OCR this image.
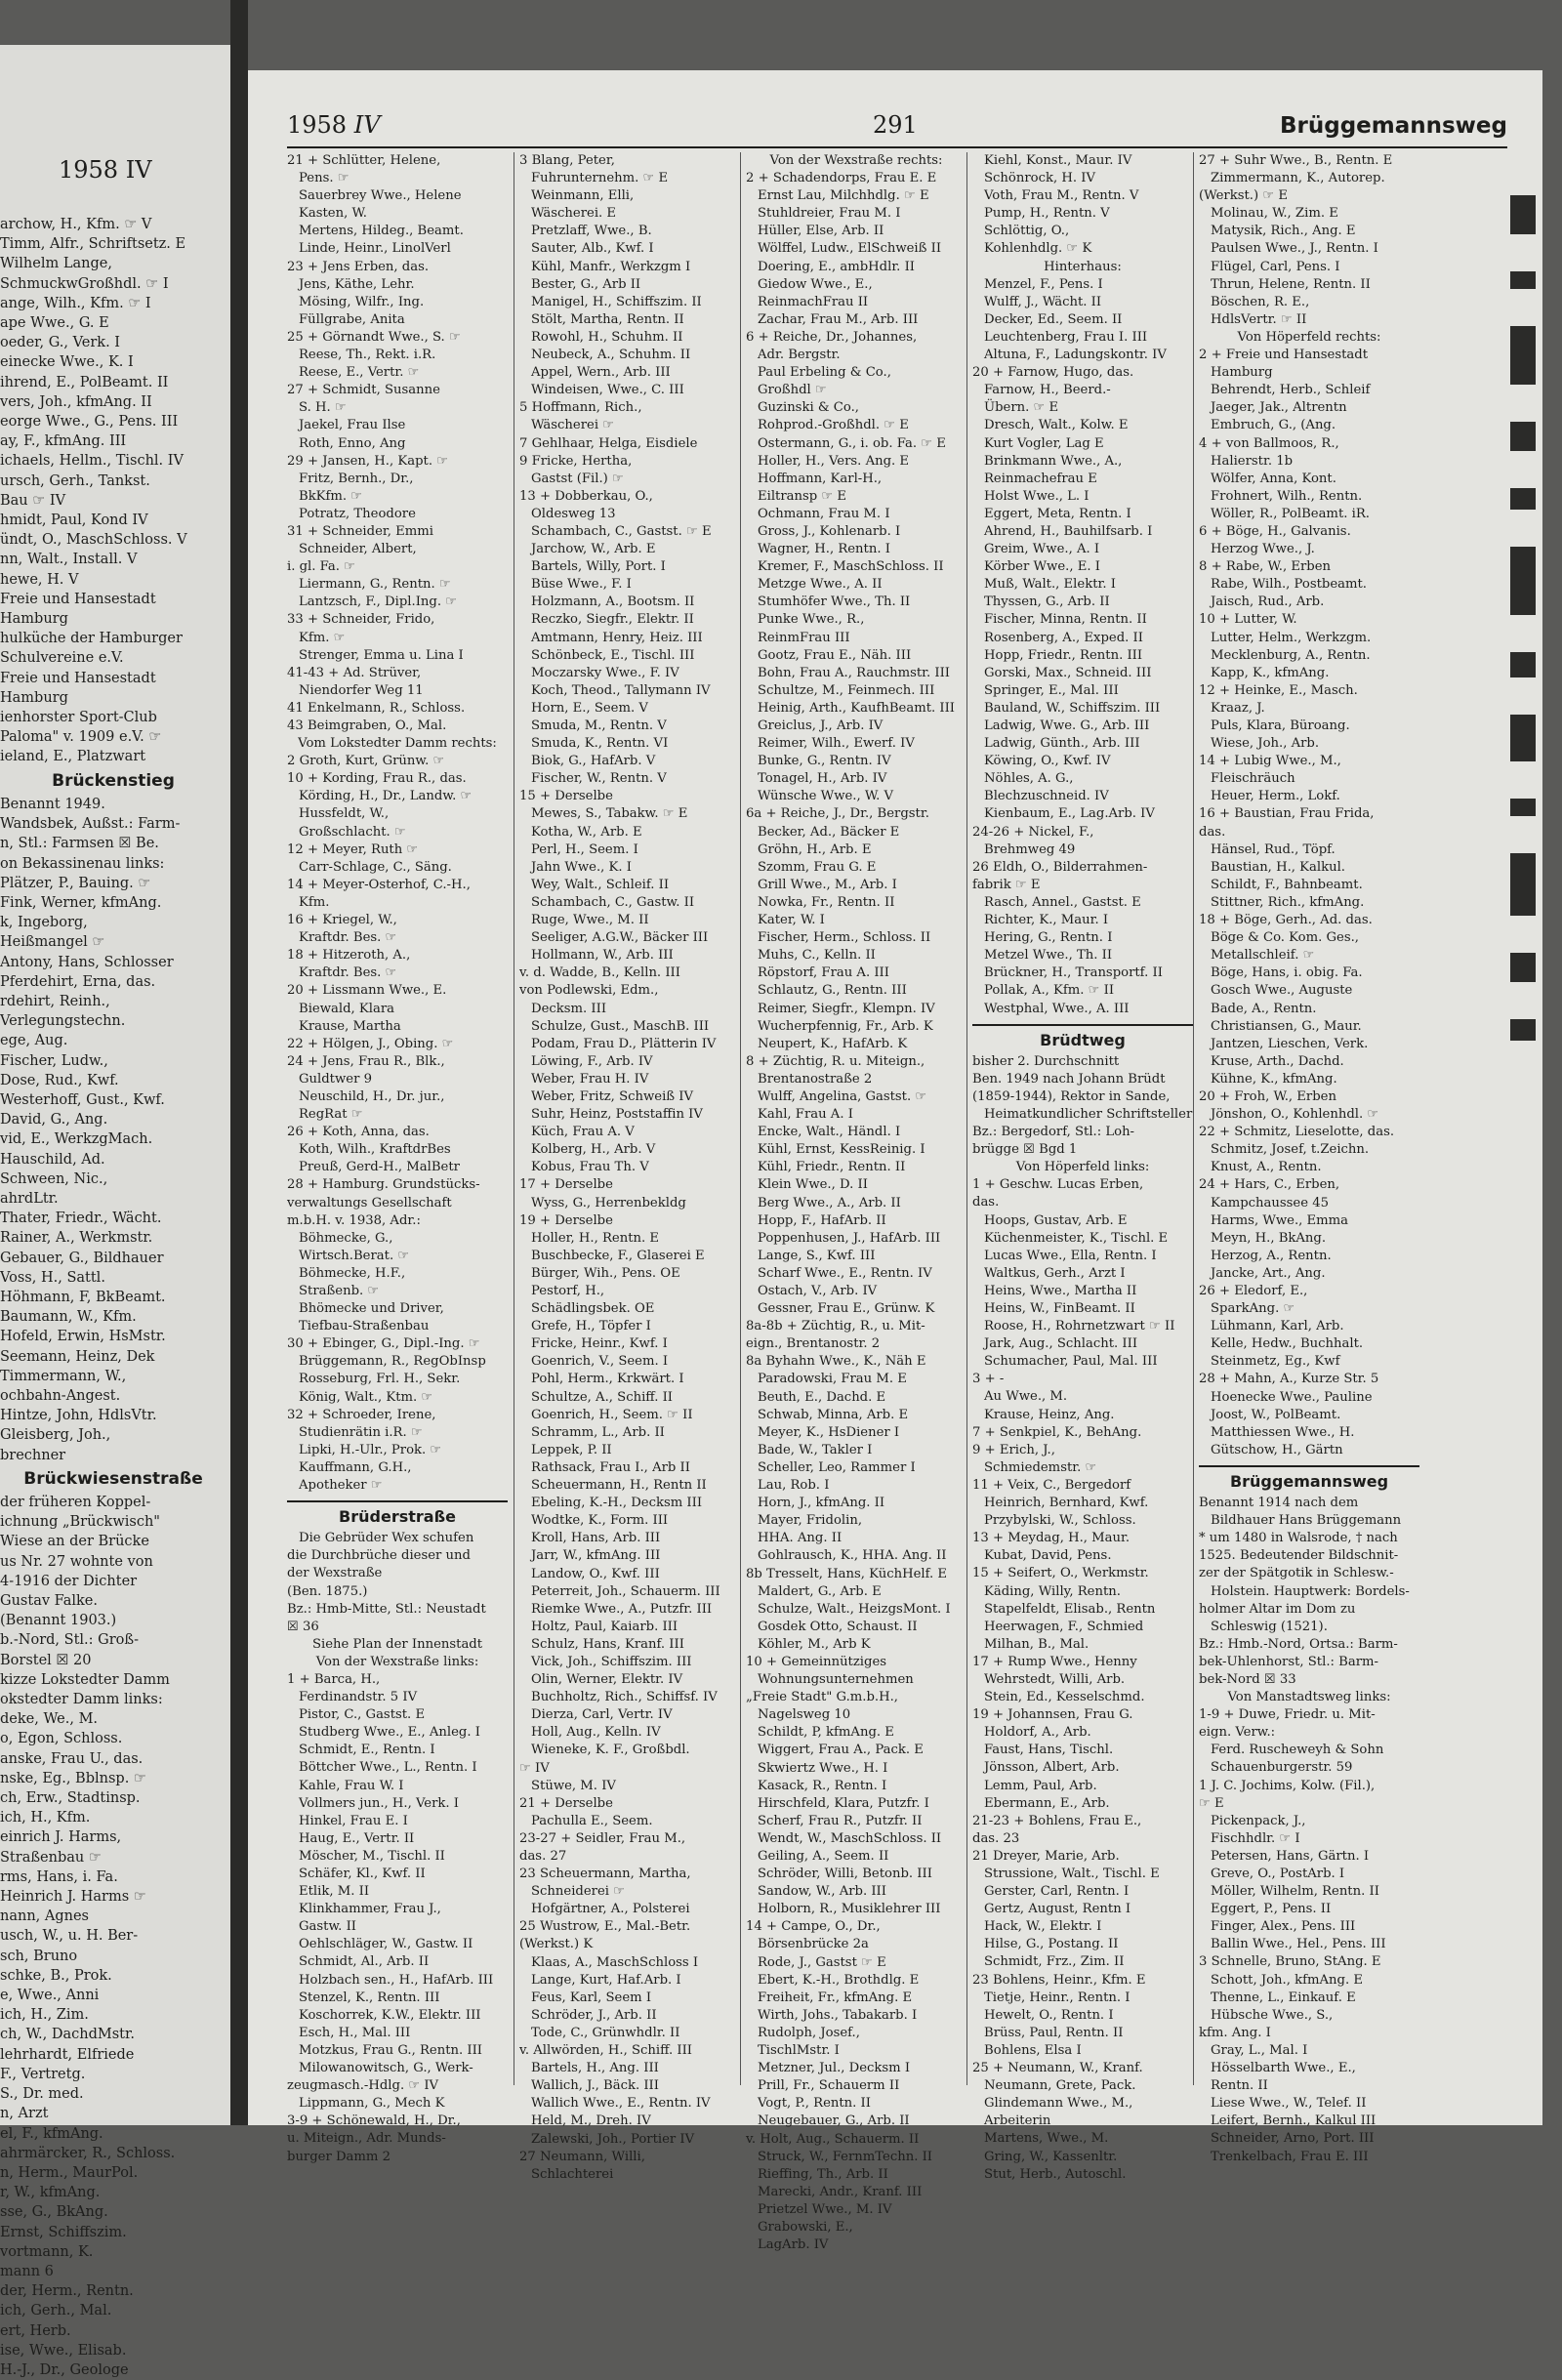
1958 IV
archow, H., Kfm. ☞ V
Timm, Alfr., Schriftsetz. E
Wilhelm Lange,
SchmuckwGroßhdl. ☞ I
ange, Wilh., Kfm. ☞ I
ape Wwe., G. E
oeder, G., Verk. I
einecke Wwe., K. I
ihrend, E., PolBeamt. II
vers, Joh., kfmAng. II
eorge Wwe., G., Pens. III
ay, F., kfmAng. III
ichaels, Hellm., Tischl. IV
ursch, Gerh., Tankst.
Bau ☞ IV
hmidt, Paul, Kond IV
ündt, O., MaschSchloss. V
nn, Walt., Install. V
hewe, H. V
Freie und Hansestadt
Hamburg
hulküche der Hamburger
Schulvereine e.V.
Freie und Hansestadt
Hamburg
ienhorster Sport-Club
Paloma" v. 1909 e.V. ☞
ieland, E., Platzwart
Brückenstieg
Benannt 1949.
Wandsbek, Außst.: Farm-
n, Stl.: Farmsen ☒ Be.
on Bekassinenau links:
Plätzer, P., Bauing. ☞
Fink, Werner, kfmAng.
k, Ingeborg,
Heißmangel ☞
Antony, Hans, Schlosser
Pferdehirt, Erna, das.
rdehirt, Reinh.,
Verlegungstechn.
ege, Aug.
Fischer, Ludw.,
Dose, Rud., Kwf.
Westerhoff, Gust., Kwf.
David, G., Ang.
vid, E., WerkzgMach.
Hauschild, Ad.
Schween, Nic.,
ahrdLtr.
Thater, Friedr., Wächt.
Rainer, A., Werkmstr.
Gebauer, G., Bildhauer
Voss, H., Sattl.
Höhmann, F, BkBeamt.
Baumann, W., Kfm.
Hofeld, Erwin, HsMstr.
Seemann, Heinz, Dek
Timmermann, W.,
ochbahn-Angest.
Hintze, John, HdlsVtr.
Gleisberg, Joh.,
brechner
Brückwiesenstraße
der früheren Koppel-
ichnung „Brückwisch"
Wiese an der Brücke
us Nr. 27 wohnte von
4-1916 der Dichter
Gustav Falke.
(Benannt 1903.)
b.-Nord, Stl.: Groß-
Borstel ☒ 20
kizze Lokstedter Damm
okstedter Damm links:
deke, We., M.
o, Egon, Schloss.
anske, Frau U., das.
nske, Eg., Bblnsp. ☞
ch, Erw., Stadtinsp.
ich, H., Kfm.
einrich J. Harms,
Straßenbau ☞
rms, Hans, i. Fa.
Heinrich J. Harms ☞
nann, Agnes
usch, W., u. H. Ber-
sch, Bruno
schke, B., Prok.
e, Wwe., Anni
ich, H., Zim.
ch, W., DachdMstr.
lehrhardt, Elfriede
F., Vertretg.
S., Dr. med.
n, Arzt
el, F., kfmAng.
ahrmärcker, R., Schloss.
n, Herm., MaurPol.
r, W., kfmAng.
sse, G., BkAng.
Ernst, Schiffszim.
vortmann, K.
mann 6
der, Herm., Rentn.
ich, Gerh., Mal.
ert, Herb.
ise, Wwe., Elisab.
H.-J., Dr., Geologe
1958 IV	291	Brüggemannsweg
21 + Schlütter, Helene,
Pens. ☞
Sauerbrey Wwe., Helene
Kasten, W.
Mertens, Hildeg., Beamt.
Linde, Heinr., LinolVerl
23 + Jens Erben, das.
Jens, Käthe, Lehr.
Mösing, Wilfr., Ing.
Füllgrabe, Anita
25 + Görnandt Wwe., S. ☞
Reese, Th., Rekt. i.R.
Reese, E., Vertr. ☞
27 + Schmidt, Susanne
S. H. ☞
Jaekel, Frau Ilse
Roth, Enno, Ang
29 + Jansen, H., Kapt. ☞
Fritz, Bernh., Dr.,
BkKfm. ☞
Potratz, Theodore
31 + Schneider, Emmi
Schneider, Albert,
i. gl. Fa. ☞
Liermann, G., Rentn. ☞
Lantzsch, F., Dipl.Ing. ☞
33 + Schneider, Frido,
Kfm. ☞
Strenger, Emma u. Lina I
41-43 + Ad. Strüver,
Niendorfer Weg 11
41 Enkelmann, R., Schloss.
43 Beimgraben, O., Mal.
Vom Lokstedter Damm rechts:
2 Groth, Kurt, Grünw. ☞
10 + Kording, Frau R., das.
Körding, H., Dr., Landw. ☞
Hussfeldt, W.,
Großschlacht. ☞
12 + Meyer, Ruth ☞
Carr-Schlage, C., Säng.
14 + Meyer-Osterhof, C.-H.,
Kfm.
16 + Kriegel, W.,
Kraftdr. Bes. ☞
18 + Hitzeroth, A.,
Kraftdr. Bes. ☞
20 + Lissmann Wwe., E.
Biewald, Klara
Krause, Martha
22 + Hölgen, J., Obing. ☞
24 + Jens, Frau R., Blk.,
Guldtwer 9
Neuschild, H., Dr. jur.,
RegRat ☞
26 + Koth, Anna, das.
Koth, Wilh., KraftdrBes
Preuß, Gerd-H., MalBetr
28 + Hamburg. Grundstücks-
verwaltungs Gesellschaft
m.b.H. v. 1938, Adr.:
Böhmecke, G.,
Wirtsch.Berat. ☞
Böhmecke, H.F.,
Straßenb. ☞
Bhömecke und Driver,
Tiefbau-Straßenbau
30 + Ebinger, G., Dipl.-Ing. ☞
Brüggemann, R., RegObInsp
Rosseburg, Frl. H., Sekr.
König, Walt., Ktm. ☞
32 + Schroeder, Irene,
Studienrätin i.R. ☞
Lipki, H.-Ulr., Prok. ☞
Kauffmann, G.H.,
Apotheker ☞
Brüderstraße
Die Gebrüder Wex schufen
die Durchbrüche dieser und
der Wexstraße
(Ben. 1875.)
Bz.: Hmb-Mitte, Stl.: Neustadt
☒ 36
Siehe Plan der Innenstadt
Von der Wexstraße links:
1 + Barca, H.,
Ferdinandstr. 5 IV
Pistor, C., Gastst. E
Studberg Wwe., E., Anleg. I
Schmidt, E., Rentn. I
Böttcher Wwe., L., Rentn. I
Kahle, Frau W. I
Vollmers jun., H., Verk. I
Hinkel, Frau E. I
Haug, E., Vertr. II
Möscher, M., Tischl. II
Schäfer, Kl., Kwf. II
Etlik, M. II
Klinkhammer, Frau J.,
Gastw. II
Oehlschläger, W., Gastw. II
Schmidt, Al., Arb. II
Holzbach sen., H., HafArb. III
Stenzel, K., Rentn. III
Koschorrek, K.W., Elektr. III
Esch, H., Mal. III
Motzkus, Frau G., Rentn. III
Milowanowitsch, G., Werk-
zeugmasch.-Hdlg. ☞ IV
Lippmann, G., Mech K
3-9 + Schönewald, H., Dr.,
u. Miteign., Adr. Munds-
burger Damm 2
3 Blang, Peter,
Fuhrunternehm. ☞ E
Weinmann, Elli,
Wäscherei. E
Pretzlaff, Wwe., B.
Sauter, Alb., Kwf. I
Kühl, Manfr., Werkzgm I
Bester, G., Arb II
Manigel, H., Schiffszim. II
Stölt, Martha, Rentn. II
Rowohl, H., Schuhm. II
Neubeck, A., Schuhm. II
Appel, Wern., Arb. III
Windeisen, Wwe., C. III
5 Hoffmann, Rich.,
Wäscherei ☞
7 Gehlhaar, Helga, Eisdiele
9 Fricke, Hertha,
Gastst (Fil.) ☞
13 + Dobberkau, O.,
Oldesweg 13
Schambach, C., Gastst. ☞ E
Jarchow, W., Arb. E
Bartels, Willy, Port. I
Büse Wwe., F. I
Holzmann, A., Bootsm. II
Reczko, Siegfr., Elektr. II
Amtmann, Henry, Heiz. III
Schönbeck, E., Tischl. III
Moczarsky Wwe., F. IV
Koch, Theod., Tallymann IV
Horn, E., Seem. V
Smuda, M., Rentn. V
Smuda, K., Rentn. VI
Biok, G., HafArb. V
Fischer, W., Rentn. V
15 + Derselbe
Mewes, S., Tabakw. ☞ E
Kotha, W., Arb. E
Perl, H., Seem. I
Jahn Wwe., K. I
Wey, Walt., Schleif. II
Schambach, C., Gastw. II
Ruge, Wwe., M. II
Seeliger, A.G.W., Bäcker III
Hollmann, W., Arb. III
v. d. Wadde, B., Kelln. III
von Podlewski, Edm.,
Decksm. III
Schulze, Gust., MaschB. III
Podam, Frau D., Plätterin IV
Löwing, F., Arb. IV
Weber, Frau H. IV
Weber, Fritz, Schweiß IV
Suhr, Heinz, Poststaffin IV
Küch, Frau A. V
Kolberg, H., Arb. V
Kobus, Frau Th. V
17 + Derselbe
Wyss, G., Herrenbekldg
19 + Derselbe
Holler, H., Rentn. E
Buschbecke, F., Glaserei E
Bürger, Wih., Pens. OE
Pestorf, H.,
Schädlingsbek. OE
Grefe, H., Töpfer I
Fricke, Heinr., Kwf. I
Goenrich, V., Seem. I
Pohl, Herm., Krkwärt. I
Schultze, A., Schiff. II
Goenrich, H., Seem. ☞ II
Schramm, L., Arb. II
Leppek, P. II
Rathsack, Frau I., Arb II
Scheuermann, H., Rentn II
Ebeling, K.-H., Decksm III
Wodtke, K., Form. III
Kroll, Hans, Arb. III
Jarr, W., kfmAng. III
Landow, O., Kwf. III
Peterreit, Joh., Schauerm. III
Riemke Wwe., A., Putzfr. III
Holtz, Paul, Kaiarb. III
Schulz, Hans, Kranf. III
Vick, Joh., Schiffszim. III
Olin, Werner, Elektr. IV
Buchholtz, Rich., Schiffsf. IV
Dierza, Carl, Vertr. IV
Holl, Aug., Kelln. IV
Wieneke, K. F., Großbdl.
☞ IV
Stüwe, M. IV
21 + Derselbe
Pachulla E., Seem.
23-27 + Seidler, Frau M.,
das. 27
23 Scheuermann, Martha,
Schneiderei ☞
Hofgärtner, A., Polsterei
25 Wustrow, E., Mal.-Betr.
(Werkst.) K
Klaas, A., MaschSchloss I
Lange, Kurt, Haf.Arb. I
Feus, Karl, Seem I
Schröder, J., Arb. II
Tode, C., Grünwhdlr. II
v. Allwörden, H., Schiff. III
Bartels, H., Ang. III
Wallich, J., Bäck. III
Wallich Wwe., E., Rentn. IV
Held, M., Dreh. IV
Zalewski, Joh., Portier IV
27 Neumann, Willi,
Schlachterei
Von der Wexstraße rechts:
2 + Schadendorps, Frau E. E
Ernst Lau, Milchhdlg. ☞ E
Stuhldreier, Frau M. I
Hüller, Else, Arb. II
Wölffel, Ludw., ElSchweiß II
Doering, E., ambHdlr. II
Giedow Wwe., E.,
ReinmachFrau II
Zachar, Frau M., Arb. III
6 + Reiche, Dr., Johannes,
Adr. Bergstr.
Paul Erbeling & Co.,
Großhdl ☞
Guzinski & Co.,
Rohprod.-Großhdl. ☞ E
Ostermann, G., i. ob. Fa. ☞ E
Holler, H., Vers. Ang. E
Hoffmann, Karl-H.,
Eiltransp ☞ E
Ochmann, Frau M. I
Gross, J., Kohlenarb. I
Wagner, H., Rentn. I
Kremer, F., MaschSchloss. II
Metzge Wwe., A. II
Stumhöfer Wwe., Th. II
Punke Wwe., R.,
ReinmFrau III
Gootz, Frau E., Näh. III
Bohn, Frau A., Rauchmstr. III
Schultze, M., Feinmech. III
Heinig, Arth., KaufhBeamt. III
Greiclus, J., Arb. IV
Reimer, Wilh., Ewerf. IV
Bunke, G., Rentn. IV
Tonagel, H., Arb. IV
Wünsche Wwe., W. V
6a + Reiche, J., Dr., Bergstr.
Becker, Ad., Bäcker E
Gröhn, H., Arb. E
Szomm, Frau G. E
Grill Wwe., M., Arb. I
Nowka, Fr., Rentn. II
Kater, W. I
Fischer, Herm., Schloss. II
Muhs, C., Kelln. II
Röpstorf, Frau A. III
Schlautz, G., Rentn. III
Reimer, Siegfr., Klempn. IV
Wucherpfennig, Fr., Arb. K
Neupert, K., HafArb. K
8 + Züchtig, R. u. Miteign.,
Brentanostraße 2
Wulff, Angelina, Gastst. ☞
Kahl, Frau A. I
Encke, Walt., Händl. I
Kühl, Ernst, KessReinig. I
Kühl, Friedr., Rentn. II
Klein Wwe., D. II
Berg Wwe., A., Arb. II
Hopp, F., HafArb. II
Poppenhusen, J., HafArb. III
Lange, S., Kwf. III
Scharf Wwe., E., Rentn. IV
Ostach, V., Arb. IV
Gessner, Frau E., Grünw. K
8a-8b + Züchtig, R., u. Mit-
eign., Brentanostr. 2
8a Byhahn Wwe., K., Näh E
Paradowski, Frau M. E
Beuth, E., Dachd. E
Schwab, Minna, Arb. E
Meyer, K., HsDiener I
Bade, W., Takler I
Scheller, Leo, Rammer I
Lau, Rob. I
Horn, J., kfmAng. II
Mayer, Fridolin,
HHA. Ang. II
Gohlrausch, K., HHA. Ang. II
8b Tresselt, Hans, KüchHelf. E
Maldert, G., Arb. E
Schulze, Walt., HeizgsMont. I
Gosdek Otto, Schaust. II
Köhler, M., Arb K
10 + Gemeinnütziges
Wohnungsunternehmen
„Freie Stadt" G.m.b.H.,
Nagelsweg 10
Schildt, P, kfmAng. E
Wiggert, Frau A., Pack. E
Skwiertz Wwe., H. I
Kasack, R., Rentn. I
Hirschfeld, Klara, Putzfr. I
Scherf, Frau R., Putzfr. II
Wendt, W., MaschSchloss. II
Geiling, A., Seem. II
Schröder, Willi, Betonb. III
Sandow, W., Arb. III
Holborn, R., Musiklehrer III
14 + Campe, O., Dr.,
Börsenbrücke 2a
Rode, J., Gastst ☞ E
Ebert, K.-H., Brothdlg. E
Freiheit, Fr., kfmAng. E
Wirth, Johs., Tabakarb. I
Rudolph, Josef.,
TischlMstr. I
Metzner, Jul., Decksm I
Prill, Fr., Schauerm II
Vogt, P., Rentn. II
Neugebauer, G., Arb. II
v. Holt, Aug., Schauerm. II
Struck, W., FernmTechn. II
Rieffing, Th., Arb. II
Marecki, Andr., Kranf. III
Prietzel Wwe., M. IV
Grabowski, E.,
LagArb. IV
Kiehl, Konst., Maur. IV
Schönrock, H. IV
Voth, Frau M., Rentn. V
Pump, H., Rentn. V
Schlöttig, O.,
Kohlenhdlg. ☞ K
Hinterhaus:
Menzel, F., Pens. I
Wulff, J., Wächt. II
Decker, Ed., Seem. II
Leuchtenberg, Frau I. III
Altuna, F., Ladungskontr. IV
20 + Farnow, Hugo, das.
Farnow, H., Beerd.-
Übern. ☞ E
Dresch, Walt., Kolw. E
Kurt Vogler, Lag E
Brinkmann Wwe., A.,
Reinmachefrau E
Holst Wwe., L. I
Eggert, Meta, Rentn. I
Ahrend, H., Bauhilfsarb. I
Greim, Wwe., A. I
Körber Wwe., E. I
Muß, Walt., Elektr. I
Thyssen, G., Arb. II
Fischer, Minna, Rentn. II
Rosenberg, A., Exped. II
Hopp, Friedr., Rentn. III
Gorski, Max., Schneid. III
Springer, E., Mal. III
Bauland, W., Schiffszim. III
Ladwig, Wwe. G., Arb. III
Ladwig, Günth., Arb. III
Köwing, O., Kwf. IV
Nöhles, A. G.,
Blechzuschneid. IV
Kienbaum, E., Lag.Arb. IV
24-26 + Nickel, F.,
Brehmweg 49
26 Eldh, O., Bilderrahmen-
fabrik ☞ E
Rasch, Annel., Gastst. E
Richter, K., Maur. I
Hering, G., Rentn. I
Metzel Wwe., Th. II
Brückner, H., Transportf. II
Pollak, A., Kfm. ☞ II
Westphal, Wwe., A. III
Brüdtweg
bisher 2. Durchschnitt
Ben. 1949 nach Johann Brüdt
(1859-1944), Rektor in Sande,
Heimatkundlicher Schriftsteller
Bz.: Bergedorf, Stl.: Loh-
brügge ☒ Bgd 1
Von Höperfeld links:
1 + Geschw. Lucas Erben,
das.
Hoops, Gustav, Arb. E
Küchenmeister, K., Tischl. E
Lucas Wwe., Ella, Rentn. I
Waltkus, Gerh., Arzt I
Heins, Wwe., Martha II
Heins, W., FinBeamt. II
Roose, H., Rohrnetzwart ☞ II
Jark, Aug., Schlacht. III
Schumacher, Paul, Mal. III
3 + -
Au Wwe., M.
Krause, Heinz, Ang.
7 + Senkpiel, K., BehAng.
9 + Erich, J.,
Schmiedemstr. ☞
11 + Veix, C., Bergedorf
Heinrich, Bernhard, Kwf.
Przybylski, W., Schloss.
13 + Meydag, H., Maur.
Kubat, David, Pens.
15 + Seifert, O., Werkmstr.
Käding, Willy, Rentn.
Stapelfeldt, Elisab., Rentn
Heerwagen, F., Schmied
Milhan, B., Mal.
17 + Rump Wwe., Henny
Wehrstedt, Willi, Arb.
Stein, Ed., Kesselschmd.
19 + Johannsen, Frau G.
Holdorf, A., Arb.
Faust, Hans, Tischl.
Jönsson, Albert, Arb.
Lemm, Paul, Arb.
Ebermann, E., Arb.
21-23 + Bohlens, Frau E.,
das. 23
21 Dreyer, Marie, Arb.
Strussione, Walt., Tischl. E
Gerster, Carl, Rentn. I
Gertz, August, Rentn I
Hack, W., Elektr. I
Hilse, G., Postang. II
Schmidt, Frz., Zim. II
23 Bohlens, Heinr., Kfm. E
Tietje, Heinr., Rentn. I
Hewelt, O., Rentn. I
Brüss, Paul, Rentn. II
Bohlens, Elsa I
25 + Neumann, W., Kranf.
Neumann, Grete, Pack.
Glindemann Wwe., M.,
Arbeiterin
Martens, Wwe., M.
Gring, W., Kassenltr.
Stut, Herb., Autoschl.
27 + Suhr Wwe., B., Rentn. E
Zimmermann, K., Autorep.
(Werkst.) ☞ E
Molinau, W., Zim. E
Matysik, Rich., Ang. E
Paulsen Wwe., J., Rentn. I
Flügel, Carl, Pens. I
Thrun, Helene, Rentn. II
Böschen, R. E.,
HdlsVertr. ☞ II
Von Höperfeld rechts:
2 + Freie und Hansestadt
Hamburg
Behrendt, Herb., Schleif
Jaeger, Jak., Altrentn
Embruch, G., (Ang.
4 + von Ballmoos, R.,
Halierstr. 1b
Wölfer, Anna, Kont.
Frohnert, Wilh., Rentn.
Wöller, R., PolBeamt. iR.
6 + Böge, H., Galvanis.
Herzog Wwe., J.
8 + Rabe, W., Erben
Rabe, Wilh., Postbeamt.
Jaisch, Rud., Arb.
10 + Lutter, W.
Lutter, Helm., Werkzgm.
Mecklenburg, A., Rentn.
Kapp, K., kfmAng.
12 + Heinke, E., Masch.
Kraaz, J.
Puls, Klara, Büroang.
Wiese, Joh., Arb.
14 + Lubig Wwe., M.,
Fleischräuch
Heuer, Herm., Lokf.
16 + Baustian, Frau Frida,
das.
Hänsel, Rud., Töpf.
Baustian, H., Kalkul.
Schildt, F., Bahnbeamt.
Stittner, Rich., kfmAng.
18 + Böge, Gerh., Ad. das.
Böge & Co. Kom. Ges.,
Metallschleif. ☞
Böge, Hans, i. obig. Fa.
Gosch Wwe., Auguste
Bade, A., Rentn.
Christiansen, G., Maur.
Jantzen, Lieschen, Verk.
Kruse, Arth., Dachd.
Kühne, K., kfmAng.
20 + Froh, W., Erben
Jönshon, O., Kohlenhdl. ☞
22 + Schmitz, Lieselotte, das.
Schmitz, Josef, t.Zeichn.
Knust, A., Rentn.
24 + Hars, C., Erben,
Kampchaussee 45
Harms, Wwe., Emma
Meyn, H., BkAng.
Herzog, A., Rentn.
Jancke, Art., Ang.
26 + Eledorf, E.,
SparkAng. ☞
Lühmann, Karl, Arb.
Kelle, Hedw., Buchhalt.
Steinmetz, Eg., Kwf
28 + Mahn, A., Kurze Str. 5
Hoenecke Wwe., Pauline
Joost, W., PolBeamt.
Matthiessen Wwe., H.
Gütschow, H., Gärtn
Brüggemannsweg
Benannt 1914 nach dem
Bildhauer Hans Brüggemann
* um 1480 in Walsrode, † nach
1525. Bedeutender Bildschnit-
zer der Spätgotik in Schlesw.-
Holstein. Hauptwerk: Bordels-
holmer Altar im Dom zu
Schleswig (1521).
Bz.: Hmb.-Nord, Ortsa.: Barm-
bek-Uhlenhorst, Stl.: Barm-
bek-Nord ☒ 33
Von Manstadtsweg links:
1-9 + Duwe, Friedr. u. Mit-
eign. Verw.:
Ferd. Ruscheweyh & Sohn
Schauenburgerstr. 59
1 J. C. Jochims, Kolw. (Fil.),
☞ E
Pickenpack, J.,
Fischhdlr. ☞ I
Petersen, Hans, Gärtn. I
Greve, O., PostArb. I
Möller, Wilhelm, Rentn. II
Eggert, P., Pens. II
Finger, Alex., Pens. III
Ballin Wwe., Hel., Pens. III
3 Schnelle, Bruno, StAng. E
Schott, Joh., kfmAng. E
Thenne, L., Einkauf. E
Hübsche Wwe., S.,
kfm. Ang. I
Gray, L., Mal. I
Hösselbarth Wwe., E.,
Rentn. II
Liese Wwe., W., Telef. II
Leifert, Bernh., Kalkul III
Schneider, Arno, Port. III
Trenkelbach, Frau E. III
